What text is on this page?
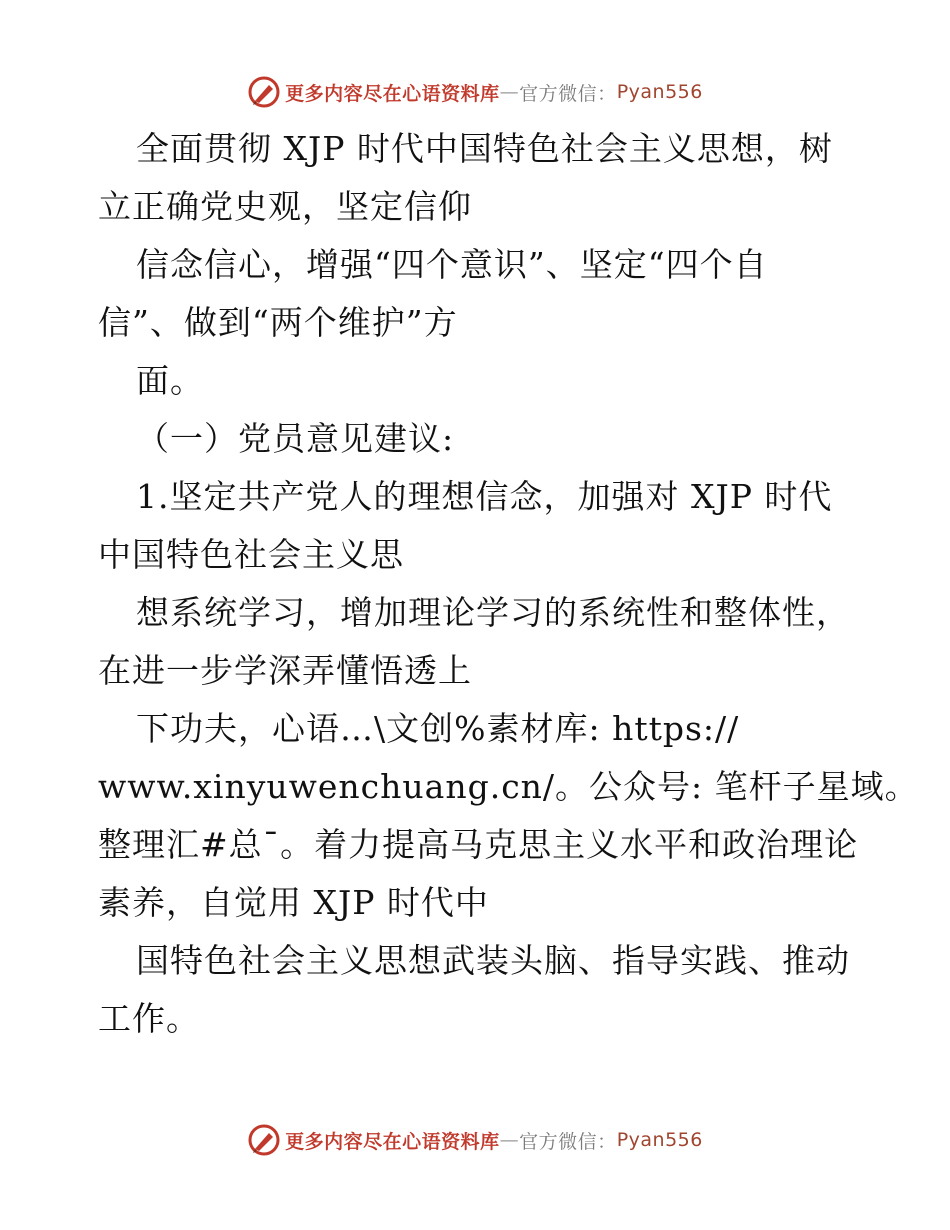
更多内容尽在心语资料库 — 官方微信： Pyan556
全面贯彻 XJP 时代中国特色社会主义思想，树
立正确党史观，坚定信仰
信念信心，增强“四个意识”、坚定“四个自
信”、做到“两个维护”方
面。
（一）党员意见建议:
1.坚定共产党人的理想信念，加强对 XJP 时代
中国特色社会主义思
想系统学习，增加理论学习的系统性和整体性，
在进一步学深弄懂悟透上
下功夫，心语…\文创%素材库: https://
www.xinyuwenchuang.cn/。公众号: 笔杆子星域。
整理汇#总¯。着力提高马克思主义水平和政治理论
素养，自觉用 XJP 时代中
国特色社会主义思想武装头脑、指导实践、推动
工作。
更多内容尽在心语资料库 — 官方微信： Pyan556
